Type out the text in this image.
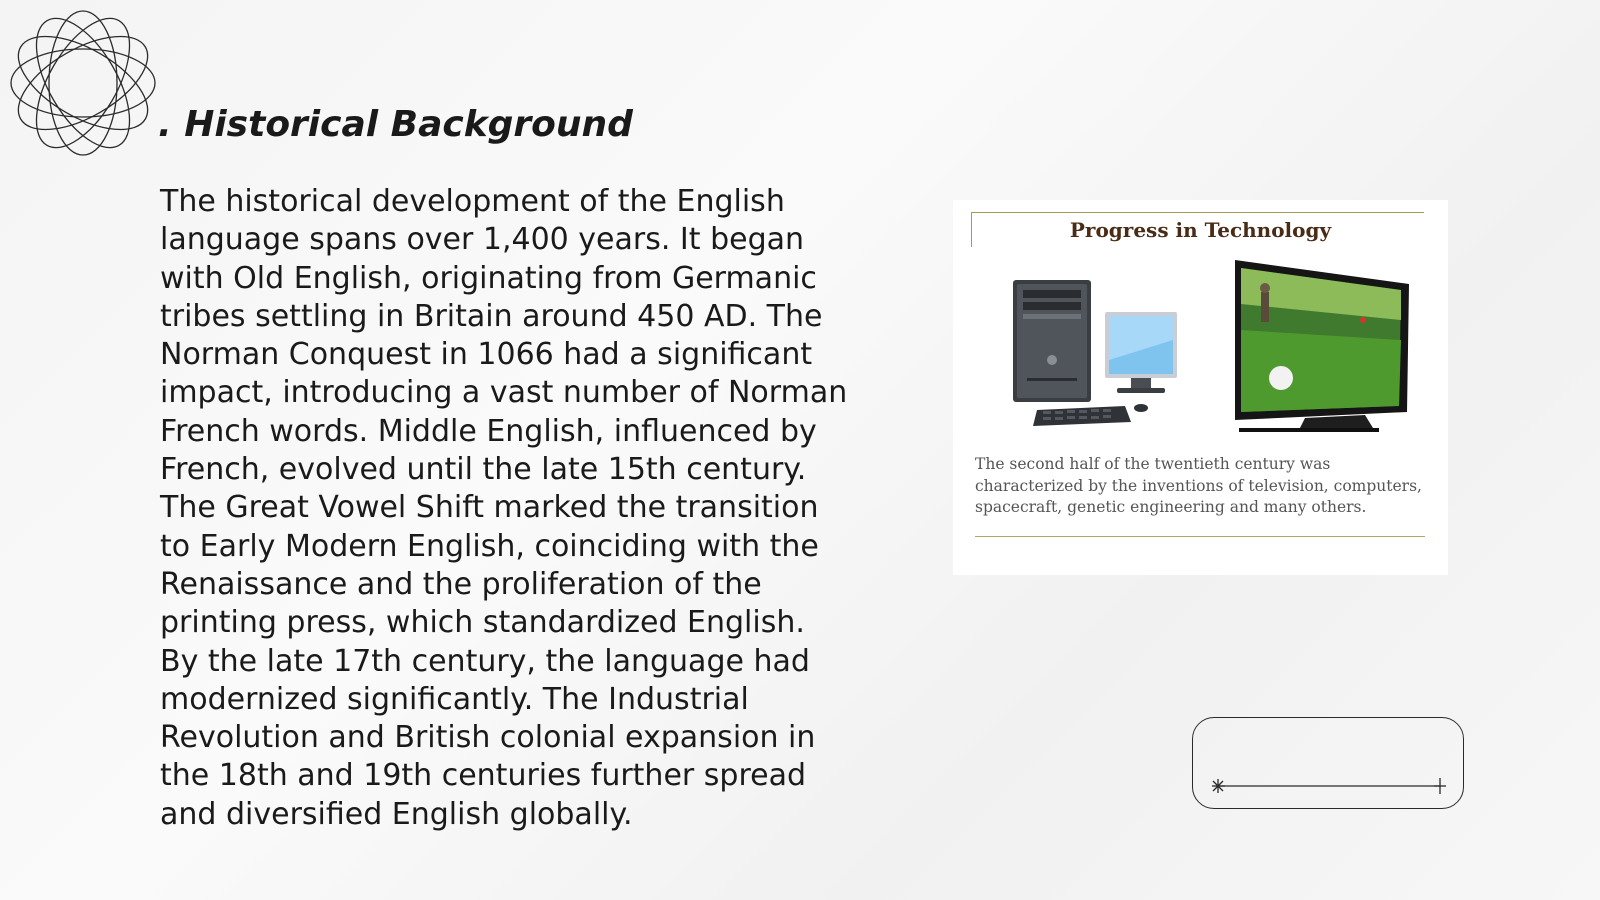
. Historical Background

The historical development of the English language spans over 1,400 years. It began with Old English, originating from Germanic tribes settling in Britain around 450 AD. The Norman Conquest in 1066 had a significant impact, introducing a vast number of Norman French words. Middle English, influenced by French, evolved until the late 15th century. The Great Vowel Shift marked the transition to Early Modern English, coinciding with the Renaissance and the proliferation of the printing press, which standardized English. By the late 17th century, the language had modernized significantly. The Industrial Revolution and British colonial expansion in the 18th and 19th centuries further spread and diversified English globally.

Progress in Technology

The second half of the twentieth century was characterized by the inventions of television, computers, spacecraft, genetic engineering and many others.
